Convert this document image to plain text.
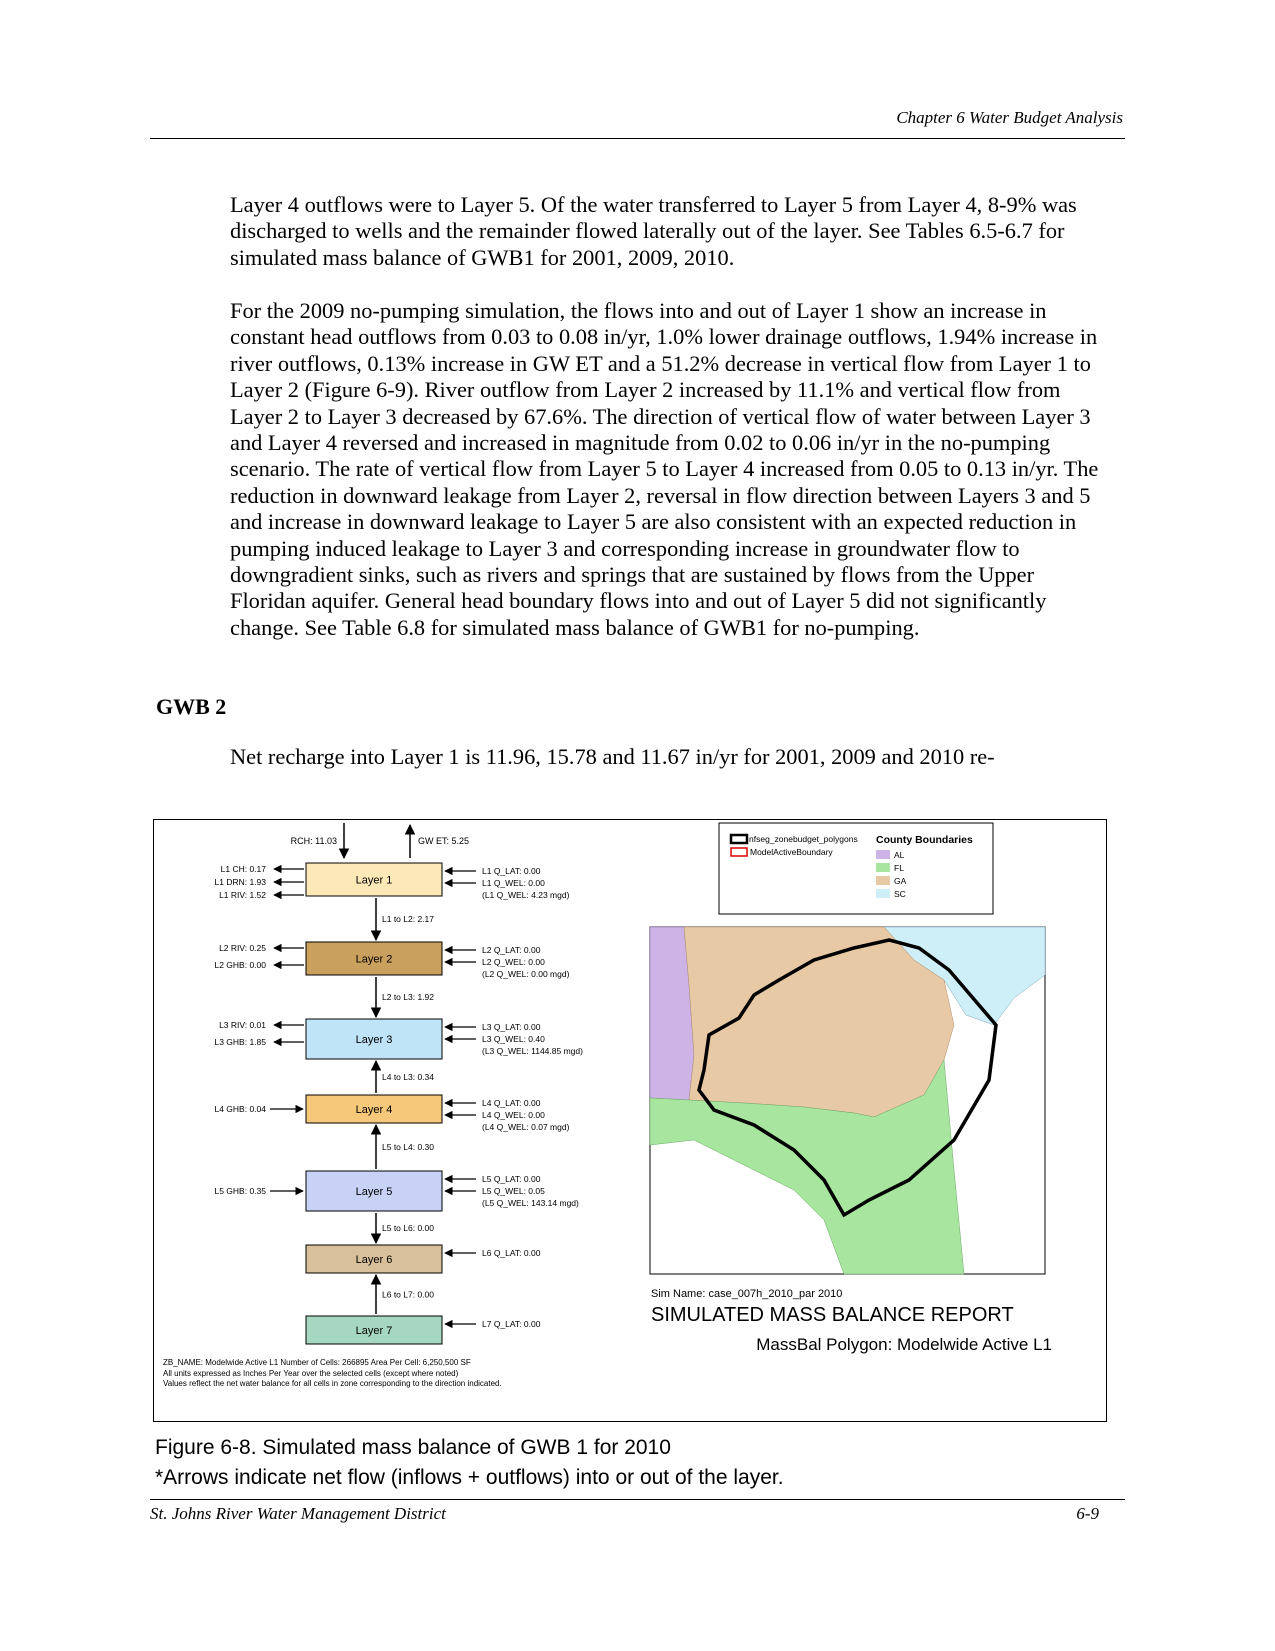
Chapter 6 Water Budget Analysis

Layer 4 outflows were to Layer 5. Of the water transferred to Layer 5 from Layer 4, 8-9% was discharged to wells and the remainder flowed laterally out of the layer. See Tables 6.5-6.7 for simulated mass balance of GWB1 for 2001, 2009, 2010.

For the 2009 no-pumping simulation, the flows into and out of Layer 1 show an increase in constant head outflows from 0.03 to 0.08 in/yr, 1.0% lower drainage outflows, 1.94% increase in river outflows, 0.13% increase in GW ET and a 51.2% decrease in vertical flow from Layer 1 to Layer 2 (Figure 6-9). River outflow from Layer 2 increased by 11.1% and vertical flow from Layer 2 to Layer 3 decreased by 67.6%. The direction of vertical flow of water between Layer 3 and Layer 4 reversed and increased in magnitude from 0.02 to 0.06 in/yr in the no-pumping scenario. The rate of vertical flow from Layer 5 to Layer 4 increased from 0.05 to 0.13 in/yr. The reduction in downward leakage from Layer 2, reversal in flow direction between Layers 3 and 5 and increase in downward leakage to Layer 5 are also consistent with an expected reduction in pumping induced leakage to Layer 3 and corresponding increase in groundwater flow to downgradient sinks, such as rivers and springs that are sustained by flows from the Upper Floridan aquifer. General head boundary flows into and out of Layer 5 did not significantly change. See Table 6.8 for simulated mass balance of GWB1 for no-pumping.

GWB 2

Net recharge into Layer 1 is 11.96, 15.78 and 11.67 in/yr for 2001, 2009 and 2010 re-

RCH: 11.03	GW ET: 5.25
Layer 1
L1 CH: 0.17
L1 DRN: 1.93
L1 RIV: 1.52
L1 Q_LAT: 0.00
L1 Q_WEL: 0.00
(L1 Q_WEL: 4.23 mgd)
L1 to L2: 2.17
Layer 2
L2 RIV: 0.25
L2 GHB: 0.00
L2 Q_LAT: 0.00
L2 Q_WEL: 0.00
(L2 Q_WEL: 0.00 mgd)
L2 to L3: 1.92
Layer 3
L3 RIV: 0.01
L3 GHB: 1.85
L3 Q_LAT: 0.00
L3 Q_WEL: 0.40
(L3 Q_WEL: 1144.85 mgd)
L4 to L3: 0.34
Layer 4
L4 GHB: 0.04
L4 Q_LAT: 0.00
L4 Q_WEL: 0.00
(L4 Q_WEL: 0.07 mgd)
L5 to L4: 0.30
Layer 5
L5 GHB: 0.35
L5 Q_LAT: 0.00
L5 Q_WEL: 0.05
(L5 Q_WEL: 143.14 mgd)
L5 to L6: 0.00
Layer 6
L6 Q_LAT: 0.00
L6 to L7: 0.00
Layer 7
L7 Q_LAT: 0.00
nfseg_zonebudget_polygons
ModelActiveBoundary
County Boundaries
AL
FL
GA
SC
Sim Name: case_007h_2010_par 2010
SIMULATED MASS BALANCE REPORT
MassBal Polygon: Modelwide Active L1
ZB_NAME: Modelwide Active L1 Number of Cells: 266895 Area Per Cell: 6,250,500 SF
All units expressed as Inches Per Year over the selected cells (except where noted)
Values reflect the net water balance for all cells in zone corresponding to the direction indicated.
Figure 6-8. Simulated mass balance of GWB 1 for 2010
*Arrows indicate net flow (inflows + outflows) into or out of the layer.
St. Johns River Water Management District	6-9
